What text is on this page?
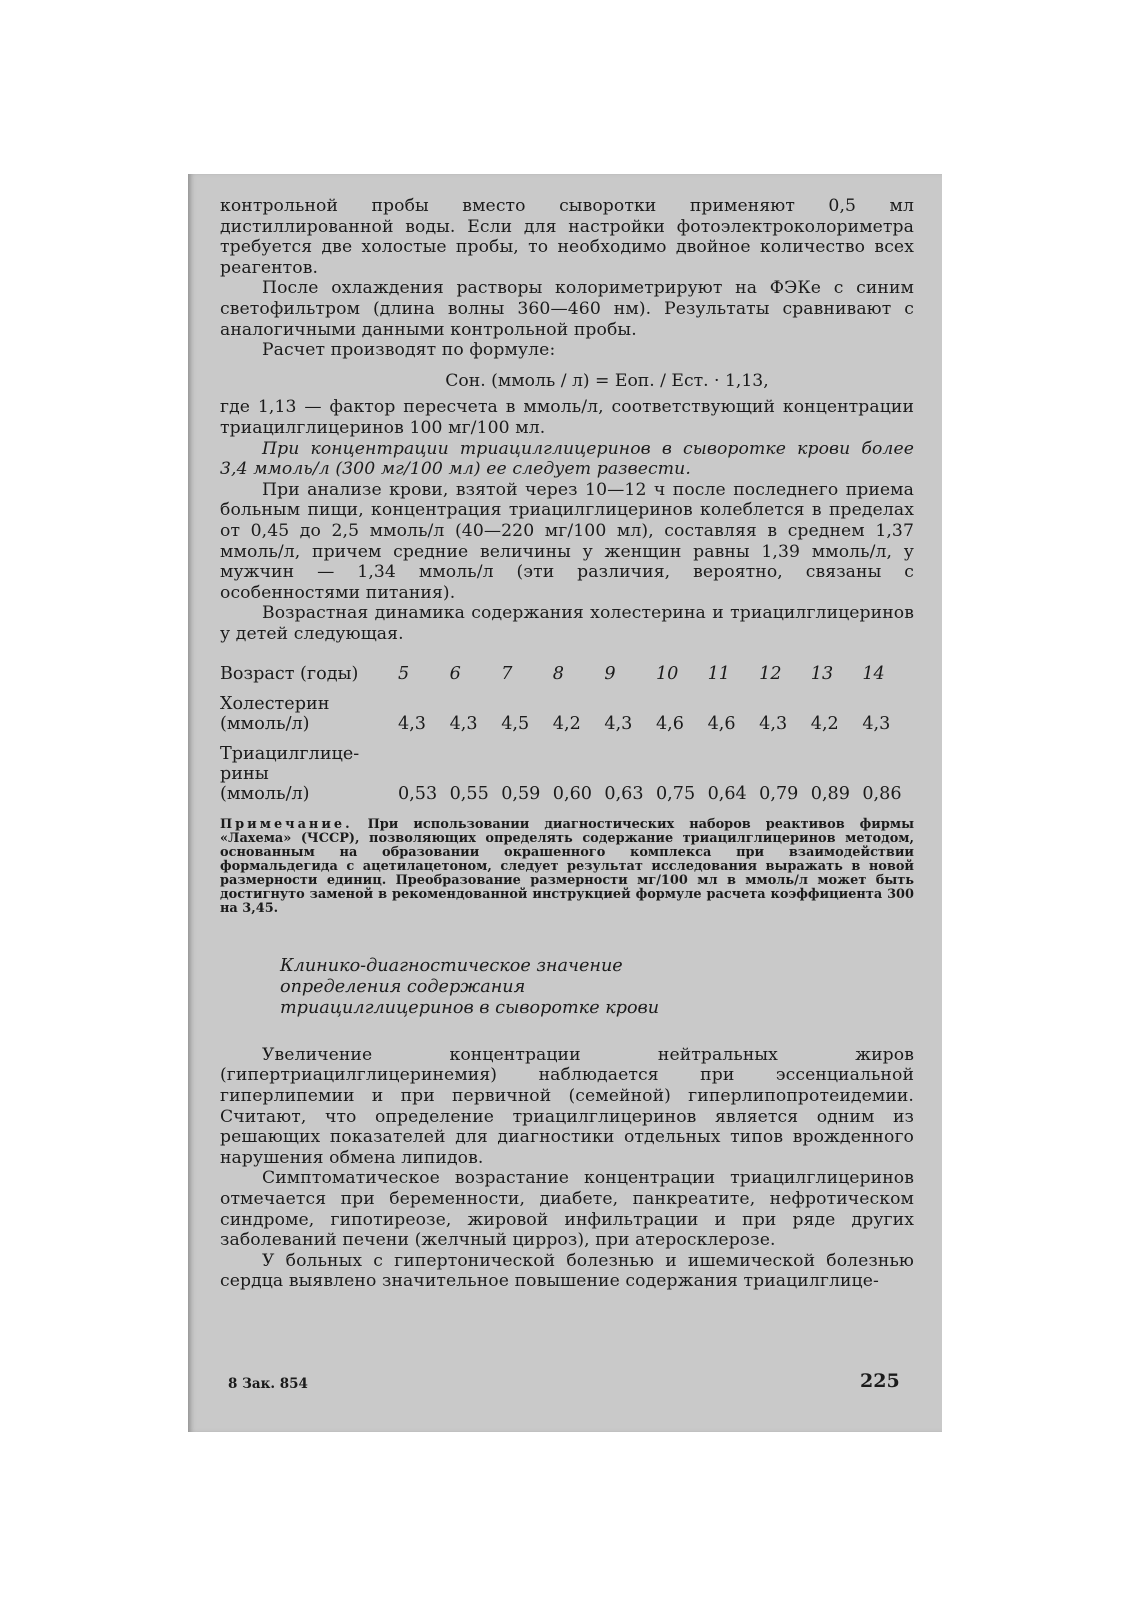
контрольной пробы вместо сыворотки применяют 0,5 мл дистиллированной воды. Если для настройки фотоэлектроколориметра требуется две холостые пробы, то необходимо двойное количество всех реагентов.

После охлаждения растворы колориметрируют на ФЭКе с синим светофильтром (длина волны 360—460 нм). Результаты сравнивают с аналогичными данными контрольной пробы.

Расчет производят по формуле:

Сон. (ммоль / л) = Еоп. / Ест. · 1,13,

где 1,13 — фактор пересчета в ммоль/л, соответствующий концентрации триацилглицеринов 100 мг/100 мл.

При концентрации триацилглицеринов в сыворотке крови более 3,4 ммоль/л (300 мг/100 мл) ее следует развести.

При анализе крови, взятой через 10—12 ч после последнего приема больным пищи, концентрация триацилглицеринов колеблется в пределах от 0,45 до 2,5 ммоль/л (40—220 мг/100 мл), составляя в среднем 1,37 ммоль/л, причем средние величины у женщин равны 1,39 ммоль/л, у мужчин — 1,34 ммоль/л (эти различия, вероятно, связаны с особенностями питания).

Возрастная динамика содержания холестерина и триацилглицеринов у детей следующая.

Возраст (годы)	5	6	7	8	9	10	11	12	13	14

Холестерин
(ммоль/л)	4,3	4,3	4,5	4,2	4,3	4,6	4,6	4,3	4,2	4,3

Триацилглице-
рины
(ммоль/л)	0,53	0,55	0,59	0,60	0,63	0,75	0,64	0,79	0,89	0,86
Примечание. При использовании диагностических наборов реактивов фирмы «Лахема» (ЧССР), позволяющих определять содержание триацилглицеринов методом, основанным на образовании окрашенного комплекса при взаимодействии формальдегида с ацетилацетоном, следует результат исследования выражать в новой размерности единиц. Преобразование размерности мг/100 мл в ммоль/л может быть достигнуто заменой в рекомендованной инструкцией формуле расчета коэффициента 300 на 3,45.
Клинико-диагностическое значение
определения содержания
триацилглицеринов в сыворотке крови

Увеличение концентрации нейтральных жиров (гипертриацилглицеринемия) наблюдается при эссенциальной гиперлипемии и при первичной (семейной) гиперлипопротеидемии. Считают, что определение триацилглицеринов является одним из решающих показателей для диагностики отдельных типов врожденного нарушения обмена липидов.

Симптоматическое возрастание концентрации триацилглицеринов отмечается при беременности, диабете, панкреатите, нефротическом синдроме, гипотиреозе, жировой инфильтрации и при ряде других заболеваний печени (желчный цирроз), при атеросклерозе.

У больных с гипертонической болезнью и ишемической болезнью сердца выявлено значительное повышение содержания триацилглице-

8 Зак. 854	225
